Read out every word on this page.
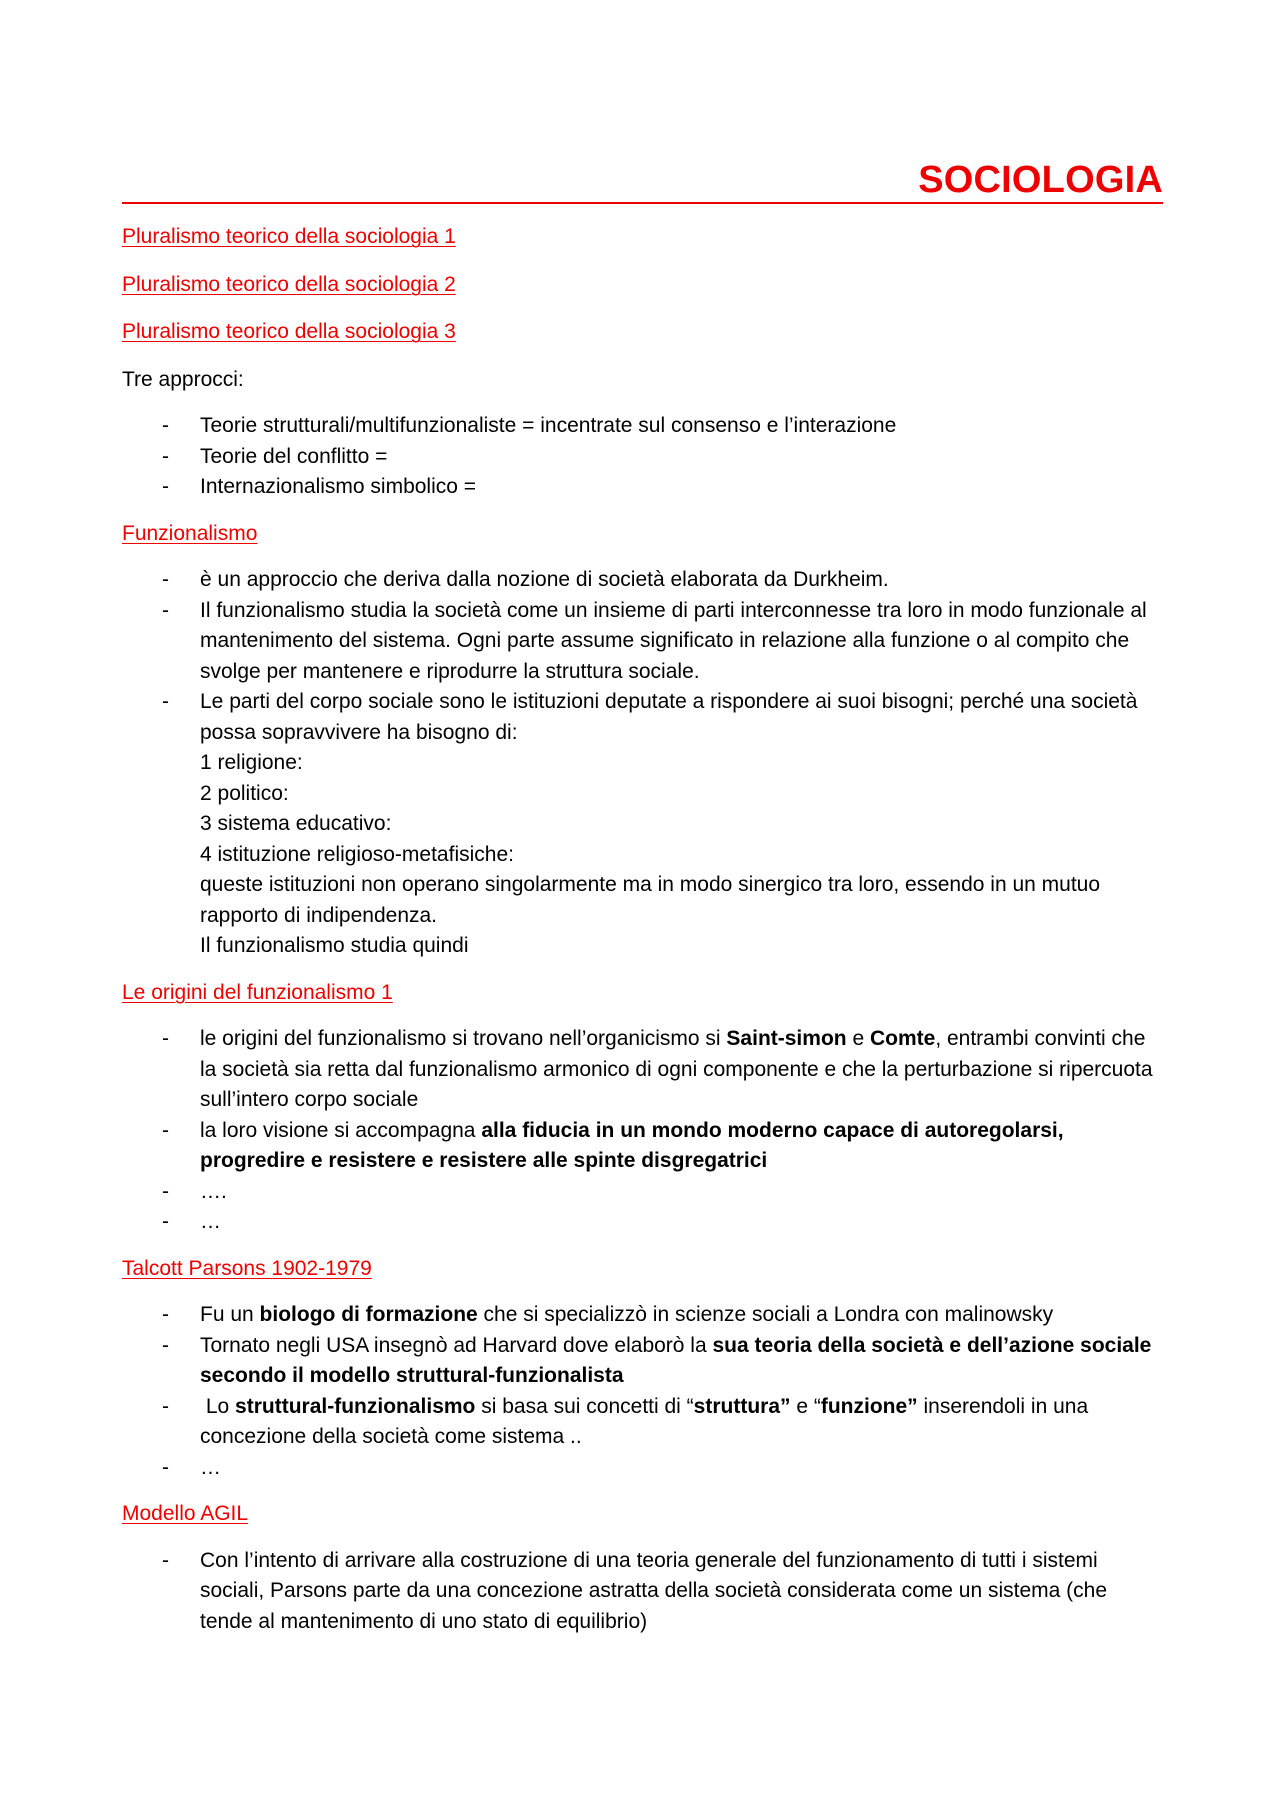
SOCIOLOGIA
Pluralismo teorico della sociologia 1
Pluralismo teorico della sociologia 2
Pluralismo teorico della sociologia 3

Tre approcci:

- Teorie strutturali/multifunzionaliste = incentrate sul consenso e l’interazione
- Teorie del conflitto =
- Internazionalismo simbolico =
Funzionalismo
- è un approccio che deriva dalla nozione di società elaborata da Durkheim.
- Il funzionalismo studia la società come un insieme di parti interconnesse tra loro in modo funzionale al mantenimento del sistema. Ogni parte assume significato in relazione alla funzione o al compito che svolge per mantenere e riprodurre la struttura sociale.
- Le parti del corpo sociale sono le istituzioni deputate a rispondere ai suoi bisogni; perché una società possa sopravvivere ha bisogno di:
1 religione:
2 politico:
3 sistema educativo:
4 istituzione religioso-metafisiche:
queste istituzioni non operano singolarmente ma in modo sinergico tra loro, essendo in un mutuo rapporto di indipendenza.
Il funzionalismo studia quindi
Le origini del funzionalismo 1
- le origini del funzionalismo si trovano nell’organicismo si Saint-simon e Comte, entrambi convinti che la società sia retta dal funzionalismo armonico di ogni componente e che la perturbazione si ripercuota sull’intero corpo sociale
- la loro visione si accompagna alla fiducia in un mondo moderno capace di autoregolarsi, progredire e resistere e resistere alle spinte disgregatrici
- ….
- …
Talcott Parsons 1902-1979
- Fu un biologo di formazione che si specializzò in scienze sociali a Londra con malinowsky
- Tornato negli USA insegnò ad Harvard dove elaborò la sua teoria della società e dell’azione sociale secondo il modello struttural-funzionalista
-  Lo struttural-funzionalismo si basa sui concetti di “struttura” e “funzione” inserendoli in una concezione della società come sistema ..
- …
Modello AGIL
- Con l’intento di arrivare alla costruzione di una teoria generale del funzionamento di tutti i sistemi sociali, Parsons parte da una concezione astratta della società considerata come un sistema (che tende al mantenimento di uno stato di equilibrio)
